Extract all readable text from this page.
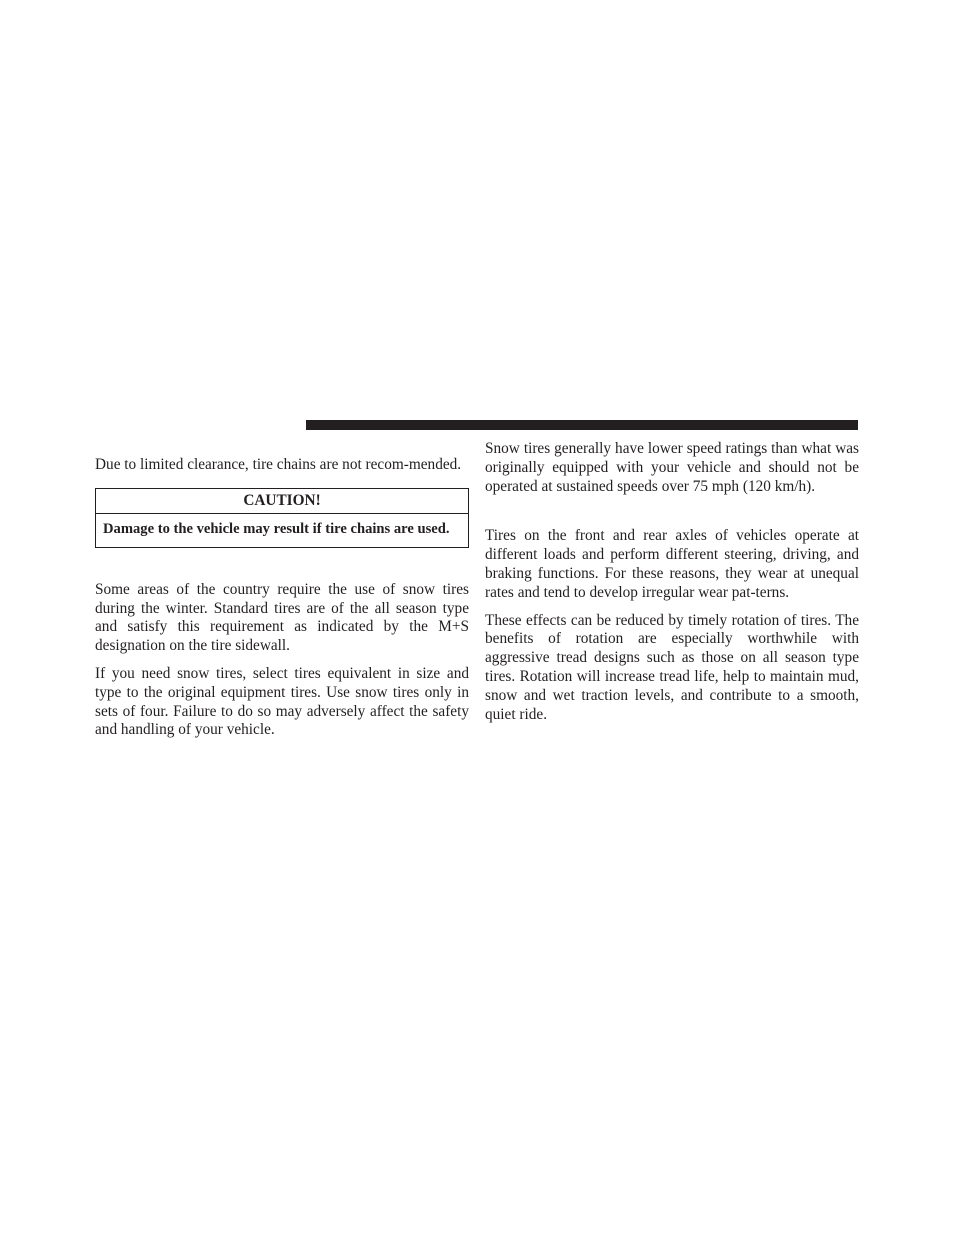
Due to limited clearance, tire chains are not recom-mended.

CAUTION!
Damage to the vehicle may result if tire chains are used.

Some areas of the country require the use of snow tires during the winter. Standard tires are of the all season type and satisfy this requirement as indicated by the M+S designation on the tire sidewall.

If you need snow tires, select tires equivalent in size and type to the original equipment tires. Use snow tires only in sets of four. Failure to do so may adversely affect the safety and handling of your vehicle.

Snow tires generally have lower speed ratings than what was originally equipped with your vehicle and should not be operated at sustained speeds over 75 mph (120 km/h).

Tires on the front and rear axles of vehicles operate at different loads and perform different steering, driving, and braking functions. For these reasons, they wear at unequal rates and tend to develop irregular wear pat-terns.

These effects can be reduced by timely rotation of tires. The benefits of rotation are especially worthwhile with aggressive tread designs such as those on all season type tires. Rotation will increase tread life, help to maintain mud, snow and wet traction levels, and contribute to a smooth, quiet ride.
